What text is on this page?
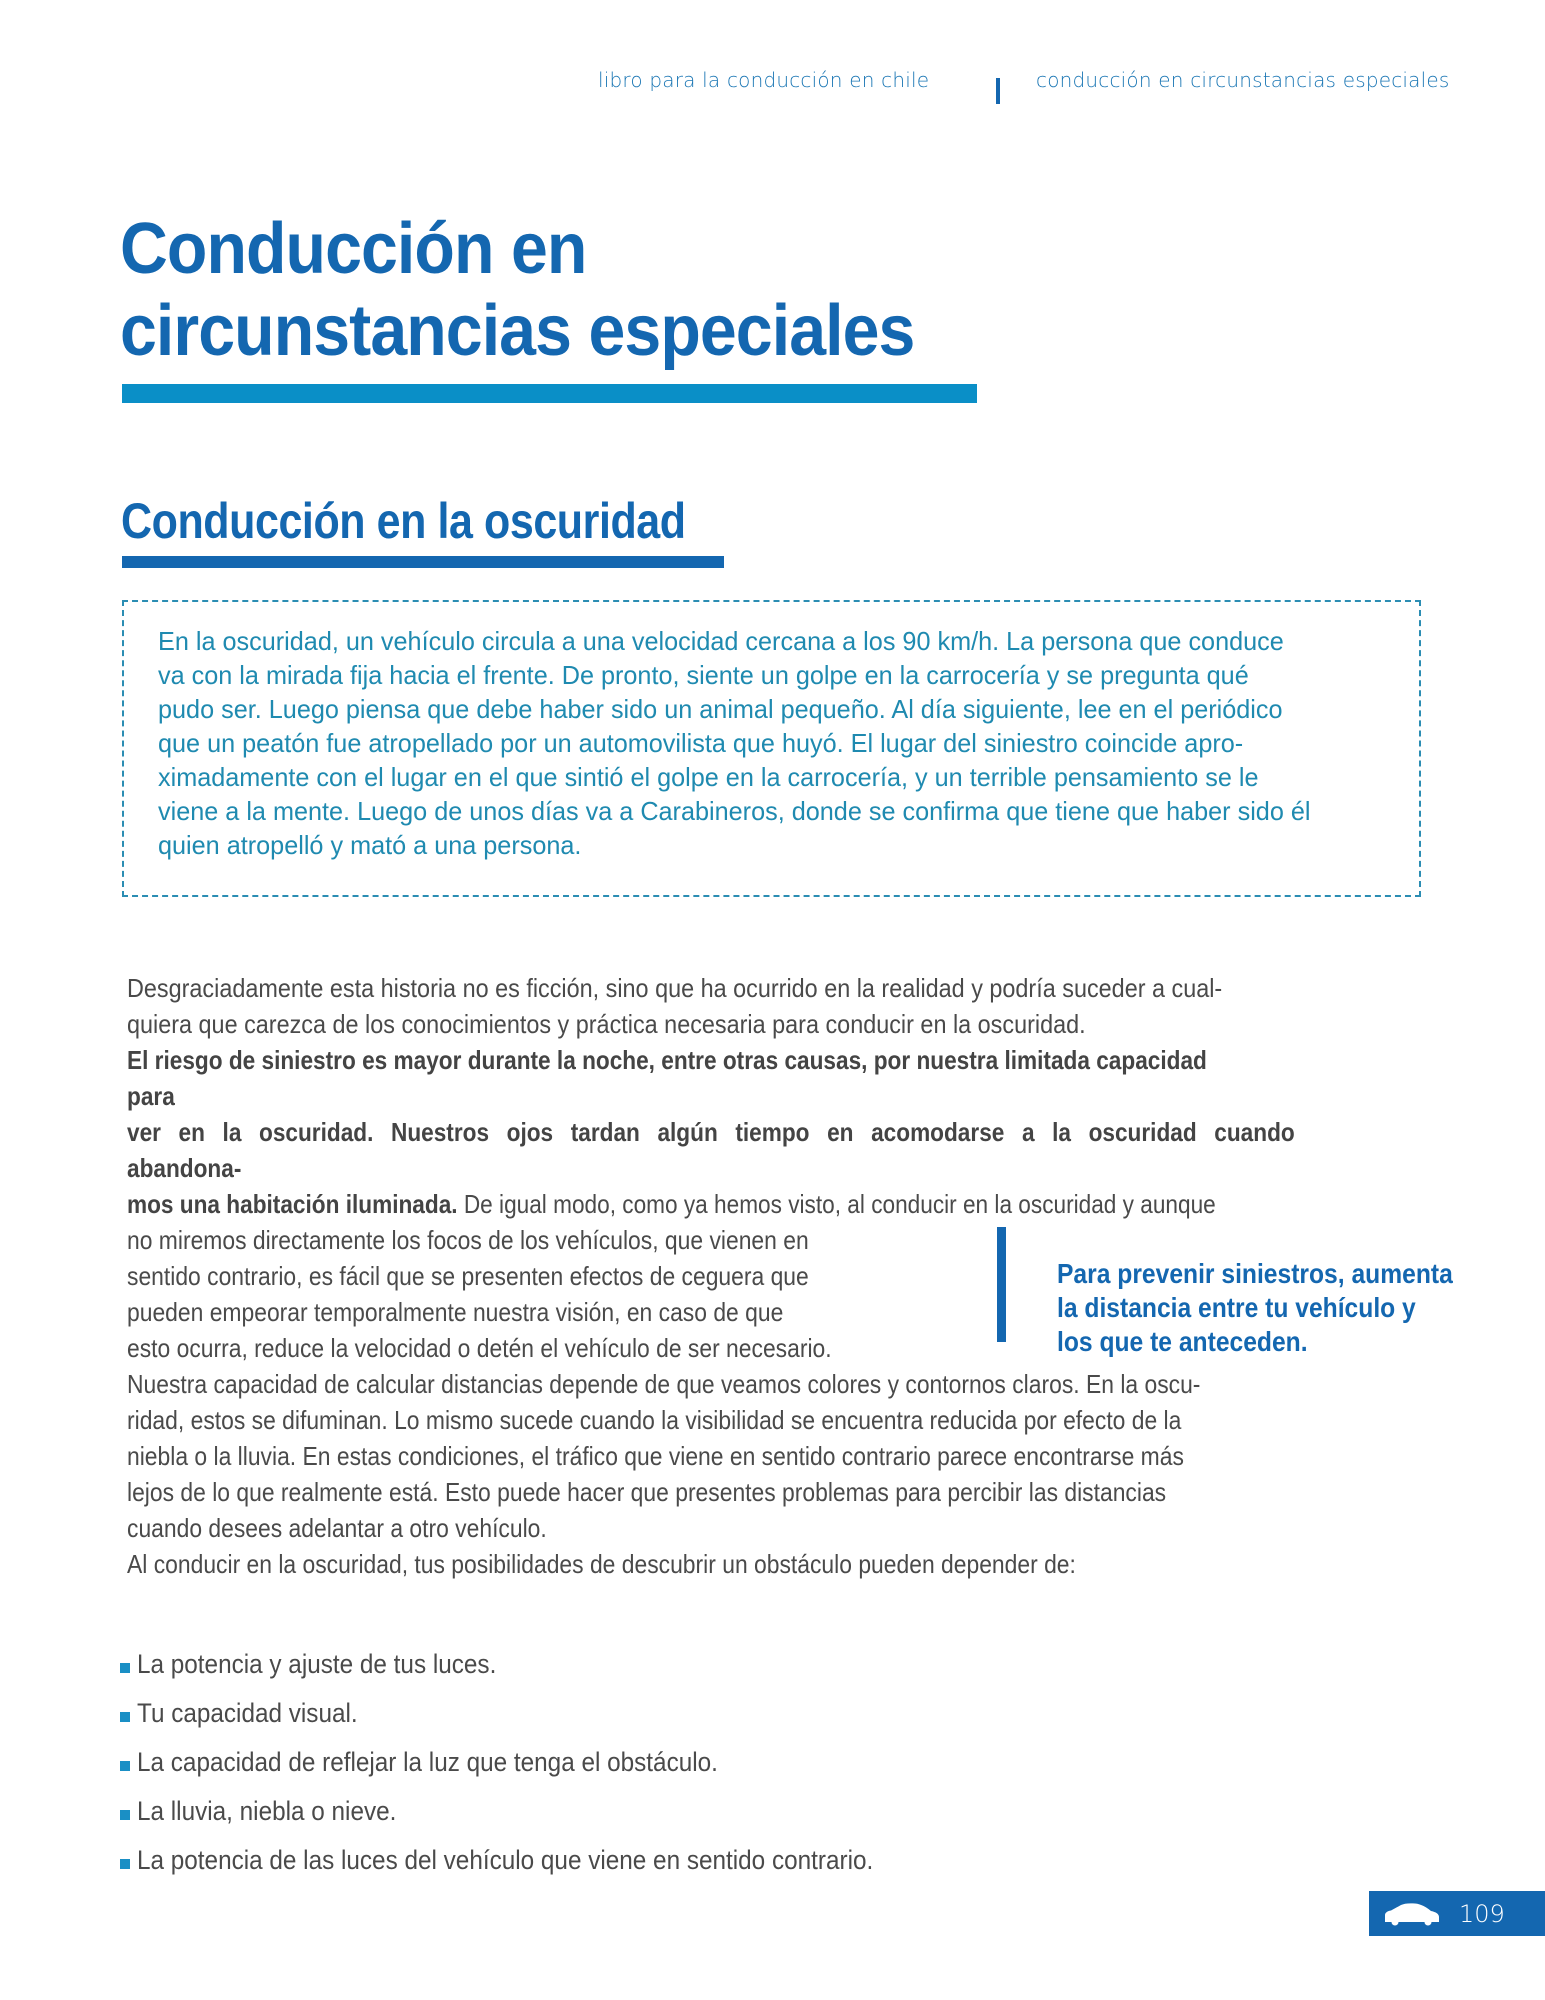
libro para la conducción en chile	conducción en circunstancias especiales
Conducción en
circunstancias especiales
Conducción en la oscuridad
En la oscuridad, un vehículo circula a una velocidad cercana a los 90 km/h. La persona que conduce
va con la mirada fija hacia el frente. De pronto, siente un golpe en la carrocería y se pregunta qué
pudo ser. Luego piensa que debe haber sido un animal pequeño. Al día siguiente, lee en el periódico
que un peatón fue atropellado por un automovilista que huyó. El lugar del siniestro coincide apro-
ximadamente con el lugar en el que sintió el golpe en la carrocería, y un terrible pensamiento se le
viene a la mente. Luego de unos días va a Carabineros, donde se confirma que tiene que haber sido él
quien atropelló y mató a una persona.
Desgraciadamente esta historia no es ficción, sino que ha ocurrido en la realidad y podría suceder a cual-
quiera que carezca de los conocimientos y práctica necesaria para conducir en la oscuridad.
El riesgo de siniestro es mayor durante la noche, entre otras causas, por nuestra limitada capacidad
para
ver en la oscuridad. Nuestros ojos tardan algún tiempo en acomodarse a la oscuridad cuando
abandona-
mos una habitación iluminada. De igual modo, como ya hemos visto, al conducir en la oscuridad y aunque
no miremos directamente los focos de los vehículos, que vienen en
sentido contrario, es fácil que se presenten efectos de ceguera que
pueden empeorar temporalmente nuestra visión, en caso de que
esto ocurra, reduce la velocidad o detén el vehículo de ser necesario.
Para prevenir siniestros, aumenta
la distancia entre tu vehículo y
los que te anteceden.
Nuestra capacidad de calcular distancias depende de que veamos colores y contornos claros. En la oscu-
ridad, estos se difuminan. Lo mismo sucede cuando la visibilidad se encuentra reducida por efecto de la
niebla o la lluvia. En estas condiciones, el tráfico que viene en sentido contrario parece encontrarse más
lejos de lo que realmente está. Esto puede hacer que presentes problemas para percibir las distancias
cuando desees adelantar a otro vehículo.
Al conducir en la oscuridad, tus posibilidades de descubrir un obstáculo pueden depender de:
La potencia y ajuste de tus luces.
Tu capacidad visual.
La capacidad de reflejar la luz que tenga el obstáculo.
La lluvia, niebla o nieve.
La potencia de las luces del vehículo que viene en sentido contrario.
109
